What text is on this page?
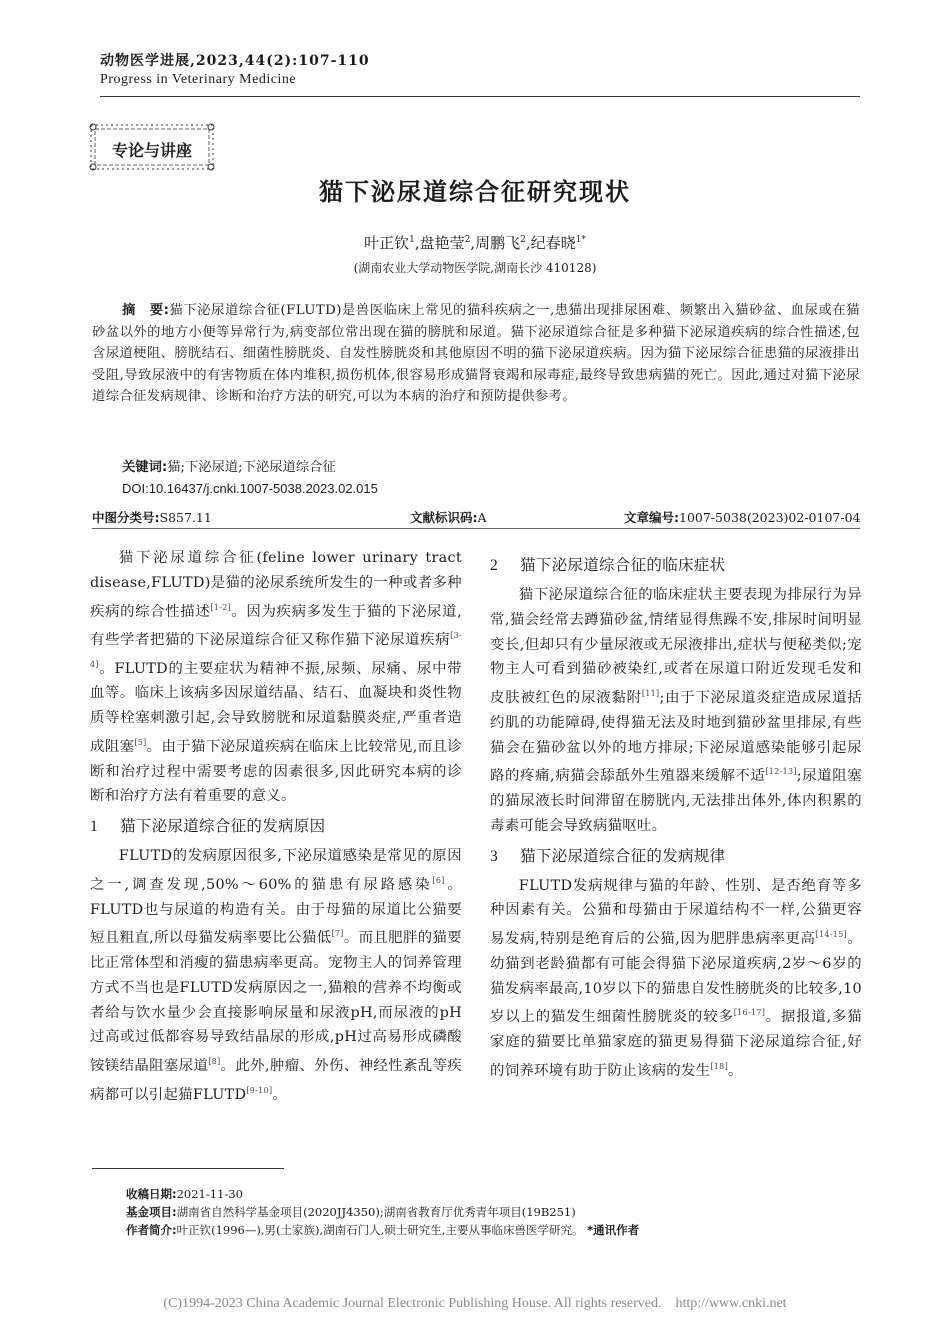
动物医学进展,2023,44(2):107-110
Progress in Veterinary Medicine
专论与讲座
猫下泌尿道综合征研究现状
叶正钦$^1$,盘艳莹$^2$,周鹏飞$^2$,纪春晓$^{1*}$
(湖南农业大学动物医学院,湖南长沙 410128)
摘　要:猫下泌尿道综合征(FLUTD)是兽医临床上常见的猫科疾病之一,患猫出现排尿困难、频繁出入猫砂盆、血尿或在猫砂盆以外的地方小便等异常行为,病变部位常出现在猫的膀胱和尿道。猫下泌尿道综合征是多种猫下泌尿道疾病的综合性描述,包含尿道梗阻、膀胱结石、细菌性膀胱炎、自发性膀胱炎和其他原因不明的猫下泌尿道疾病。因为猫下泌尿综合征患猫的尿液排出受阻,导致尿液中的有害物质在体内堆积,损伤机体,很容易形成猫肾衰竭和尿毒症,最终导致患病猫的死亡。因此,通过对猫下泌尿道综合征发病规律、诊断和治疗方法的研究,可以为本病的治疗和预防提供参考。
关键词:猫;下泌尿道;下泌尿道综合征
DOI:10.16437/j.cnki.1007-5038.2023.02.015
中图分类号:S857.11	文献标识码:A	文章编号:1007-5038(2023)02-0107-04

猫下泌尿道综合征(feline lower urinary tract disease,FLUTD)是猫的泌尿系统所发生的一种或者多种疾病的综合性描述[1-2]。因为疾病多发生于猫的下泌尿道,有些学者把猫的下泌尿道综合征又称作猫下泌尿道疾病[3-4]。FLUTD的主要症状为精神不振,尿频、尿痛、尿中带血等。临床上该病多因尿道结晶、结石、血凝块和炎性物质等栓塞刺激引起,会导致膀胱和尿道黏膜炎症,严重者造成阻塞[5]。由于猫下泌尿道疾病在临床上比较常见,而且诊断和治疗过程中需要考虑的因素很多,因此研究本病的诊断和治疗方法有着重要的意义。

1 猫下泌尿道综合征的发病原因

FLUTD的发病原因很多,下泌尿道感染是常见的原因之一,调查发现,50%～60%的猫患有尿路感染[6]。FLUTD也与尿道的构造有关。由于母猫的尿道比公猫要短且粗直,所以母猫发病率要比公猫低[7]。而且肥胖的猫要比正常体型和消瘦的猫患病率更高。宠物主人的饲养管理方式不当也是FLUTD发病原因之一,猫粮的营养不均衡或者给与饮水量少会直接影响尿量和尿液pH,而尿液的pH过高或过低都容易导致结晶尿的形成,pH过高易形成磷酸铵镁结晶阻塞尿道[8]。此外,肿瘤、外伤、神经性紊乱等疾病都可以引起猫FLUTD[9-10]。

2 猫下泌尿道综合征的临床症状

猫下泌尿道综合征的临床症状主要表现为排尿行为异常,猫会经常去蹲猫砂盆,情绪显得焦躁不安,排尿时间明显变长,但却只有少量尿液或无尿液排出,症状与便秘类似;宠物主人可看到猫砂被染红,或者在尿道口附近发现毛发和皮肤被红色的尿液黏附[11];由于下泌尿道炎症造成尿道括约肌的功能障碍,使得猫无法及时地到猫砂盆里排尿,有些猫会在猫砂盆以外的地方排尿;下泌尿道感染能够引起尿路的疼痛,病猫会舔舐外生殖器来缓解不适[12-13];尿道阻塞的猫尿液长时间滞留在膀胱内,无法排出体外,体内积累的毒素可能会导致病猫呕吐。

3 猫下泌尿道综合征的发病规律

FLUTD发病规律与猫的年龄、性别、是否绝育等多种因素有关。公猫和母猫由于尿道结构不一样,公猫更容易发病,特别是绝育后的公猫,因为肥胖患病率更高[14-15]。幼猫到老龄猫都有可能会得猫下泌尿道疾病,2岁～6岁的猫发病率最高,10岁以下的猫患自发性膀胱炎的比较多,10岁以上的猫发生细菌性膀胱炎的较多[16-17]。据报道,多猫家庭的猫要比单猫家庭的猫更易得猫下泌尿道综合征,好的饲养环境有助于防止该病的发生[18]。

收稿日期:2021-11-30
基金项目:湖南省自然科学基金项目(2020JJ4350);湖南省教育厅优秀青年项目(19B251)
作者简介:叶正钦(1996—),男(土家族),湖南石门人,硕士研究生,主要从事临床兽医学研究。 *通讯作者
(C)1994-2023 China Academic Journal Electronic Publishing House. All rights reserved.    http://www.cnki.net
